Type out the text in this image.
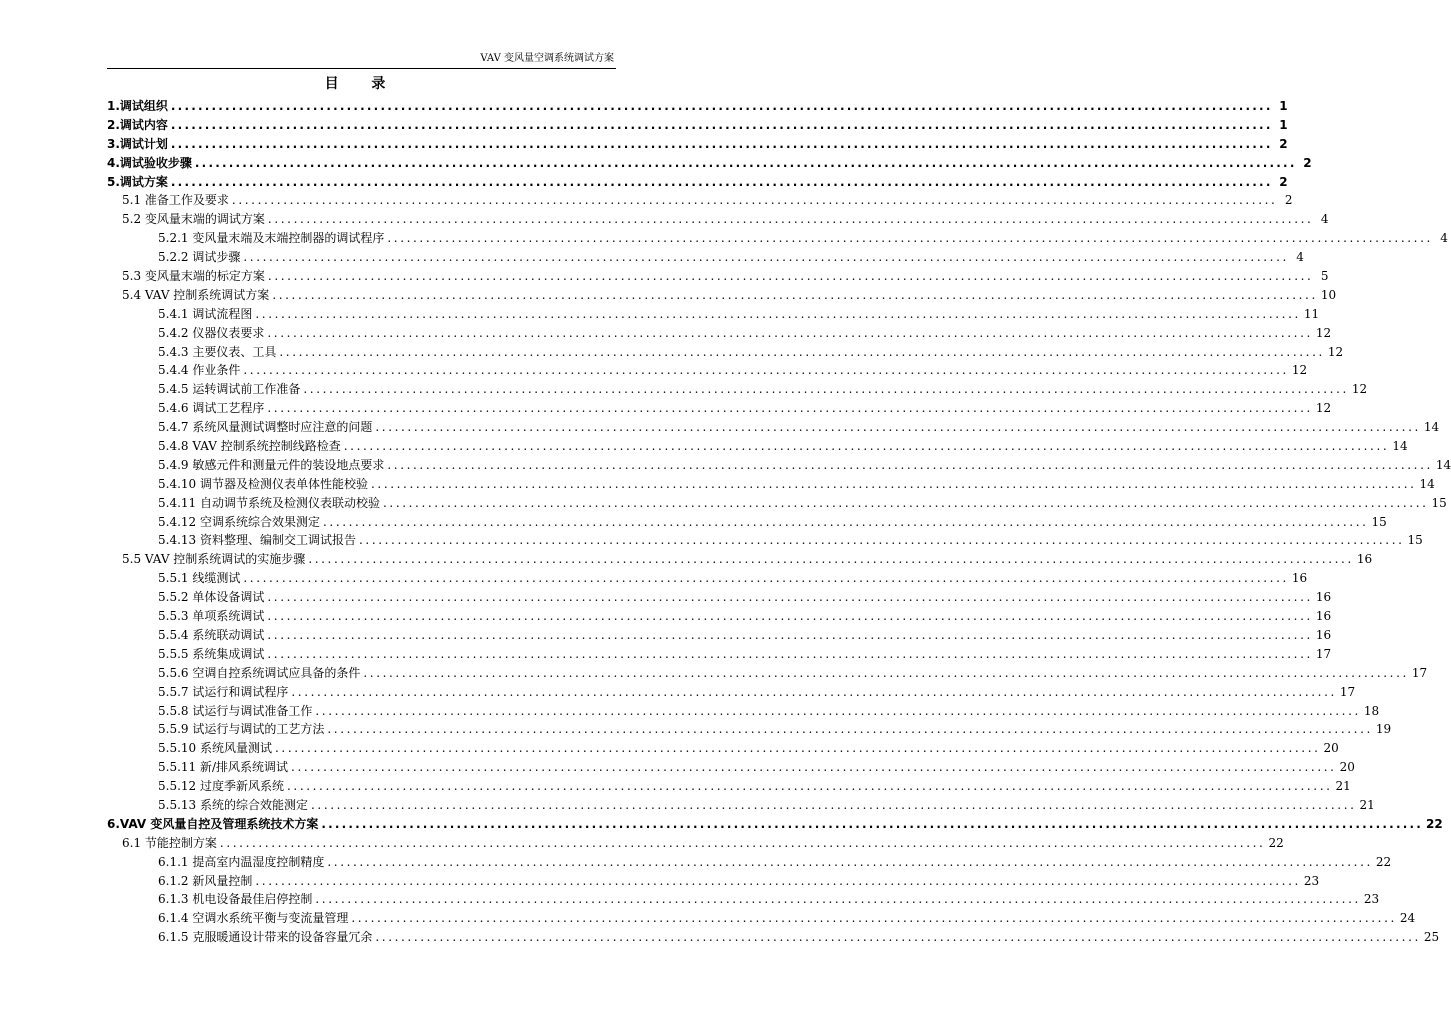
VAV 变风量空调系统调试方案
目 录
1.调试组织 ................................................................................................................................................................... 1
2.调试内容 ................................................................................................................................................................... 1
3.调试计划 ................................................................................................................................................................... 2
4.调试验收步骤 ................................................................................................................................................................... 2
5.调试方案 ................................................................................................................................................................... 2
5.1 准备工作及要求 ................................................................................................................................................................... 2
5.2 变风量末端的调试方案 ................................................................................................................................................................... 4
5.2.1 变风量末端及末端控制器的调试程序 ................................................................................................................................................................... 4
5.2.2 调试步骤 ................................................................................................................................................................... 4
5.3 变风量末端的标定方案 ................................................................................................................................................................... 5
5.4 VAV 控制系统调试方案 ................................................................................................................................................................... 10
5.4.1 调试流程图 ................................................................................................................................................................... 11
5.4.2 仪器仪表要求 ................................................................................................................................................................... 12
5.4.3 主要仪表、工具 ................................................................................................................................................................... 12
5.4.4 作业条件 ................................................................................................................................................................... 12
5.4.5 运转调试前工作准备 ................................................................................................................................................................... 12
5.4.6 调试工艺程序 ................................................................................................................................................................... 12
5.4.7 系统风量测试调整时应注意的问题 ................................................................................................................................................................... 14
5.4.8 VAV 控制系统控制线路检查 ................................................................................................................................................................... 14
5.4.9 敏感元件和测量元件的装设地点要求 ................................................................................................................................................................... 14
5.4.10 调节器及检测仪表单体性能校验 ................................................................................................................................................................... 14
5.4.11 自动调节系统及检测仪表联动校验 ................................................................................................................................................................... 15
5.4.12 空调系统综合效果测定 ................................................................................................................................................................... 15
5.4.13 资料整理、编制交工调试报告 ................................................................................................................................................................... 15
5.5 VAV 控制系统调试的实施步骤 ................................................................................................................................................................... 16
5.5.1 线缆测试 ................................................................................................................................................................... 16
5.5.2 单体设备调试 ................................................................................................................................................................... 16
5.5.3 单项系统调试 ................................................................................................................................................................... 16
5.5.4 系统联动调试 ................................................................................................................................................................... 16
5.5.5 系统集成调试 ................................................................................................................................................................... 17
5.5.6 空调自控系统调试应具备的条件 ................................................................................................................................................................... 17
5.5.7 试运行和调试程序 ................................................................................................................................................................... 17
5.5.8 试运行与调试准备工作 ................................................................................................................................................................... 18
5.5.9 试运行与调试的工艺方法 ................................................................................................................................................................... 19
5.5.10 系统风量测试 ................................................................................................................................................................... 20
5.5.11 新/排风系统调试 ................................................................................................................................................................... 20
5.5.12 过度季新风系统 ................................................................................................................................................................... 21
5.5.13 系统的综合效能测定 ................................................................................................................................................................... 21
6.VAV 变风量自控及管理系统技术方案 ................................................................................................................................................................... 22
6.1 节能控制方案 ................................................................................................................................................................... 22
6.1.1 提高室内温湿度控制精度 ................................................................................................................................................................... 22
6.1.2 新风量控制 ................................................................................................................................................................... 23
6.1.3 机电设备最佳启停控制 ................................................................................................................................................................... 23
6.1.4 空调水系统平衡与变流量管理 ................................................................................................................................................................... 24
6.1.5 克服暖通设计带来的设备容量冗余 ................................................................................................................................................................... 25
